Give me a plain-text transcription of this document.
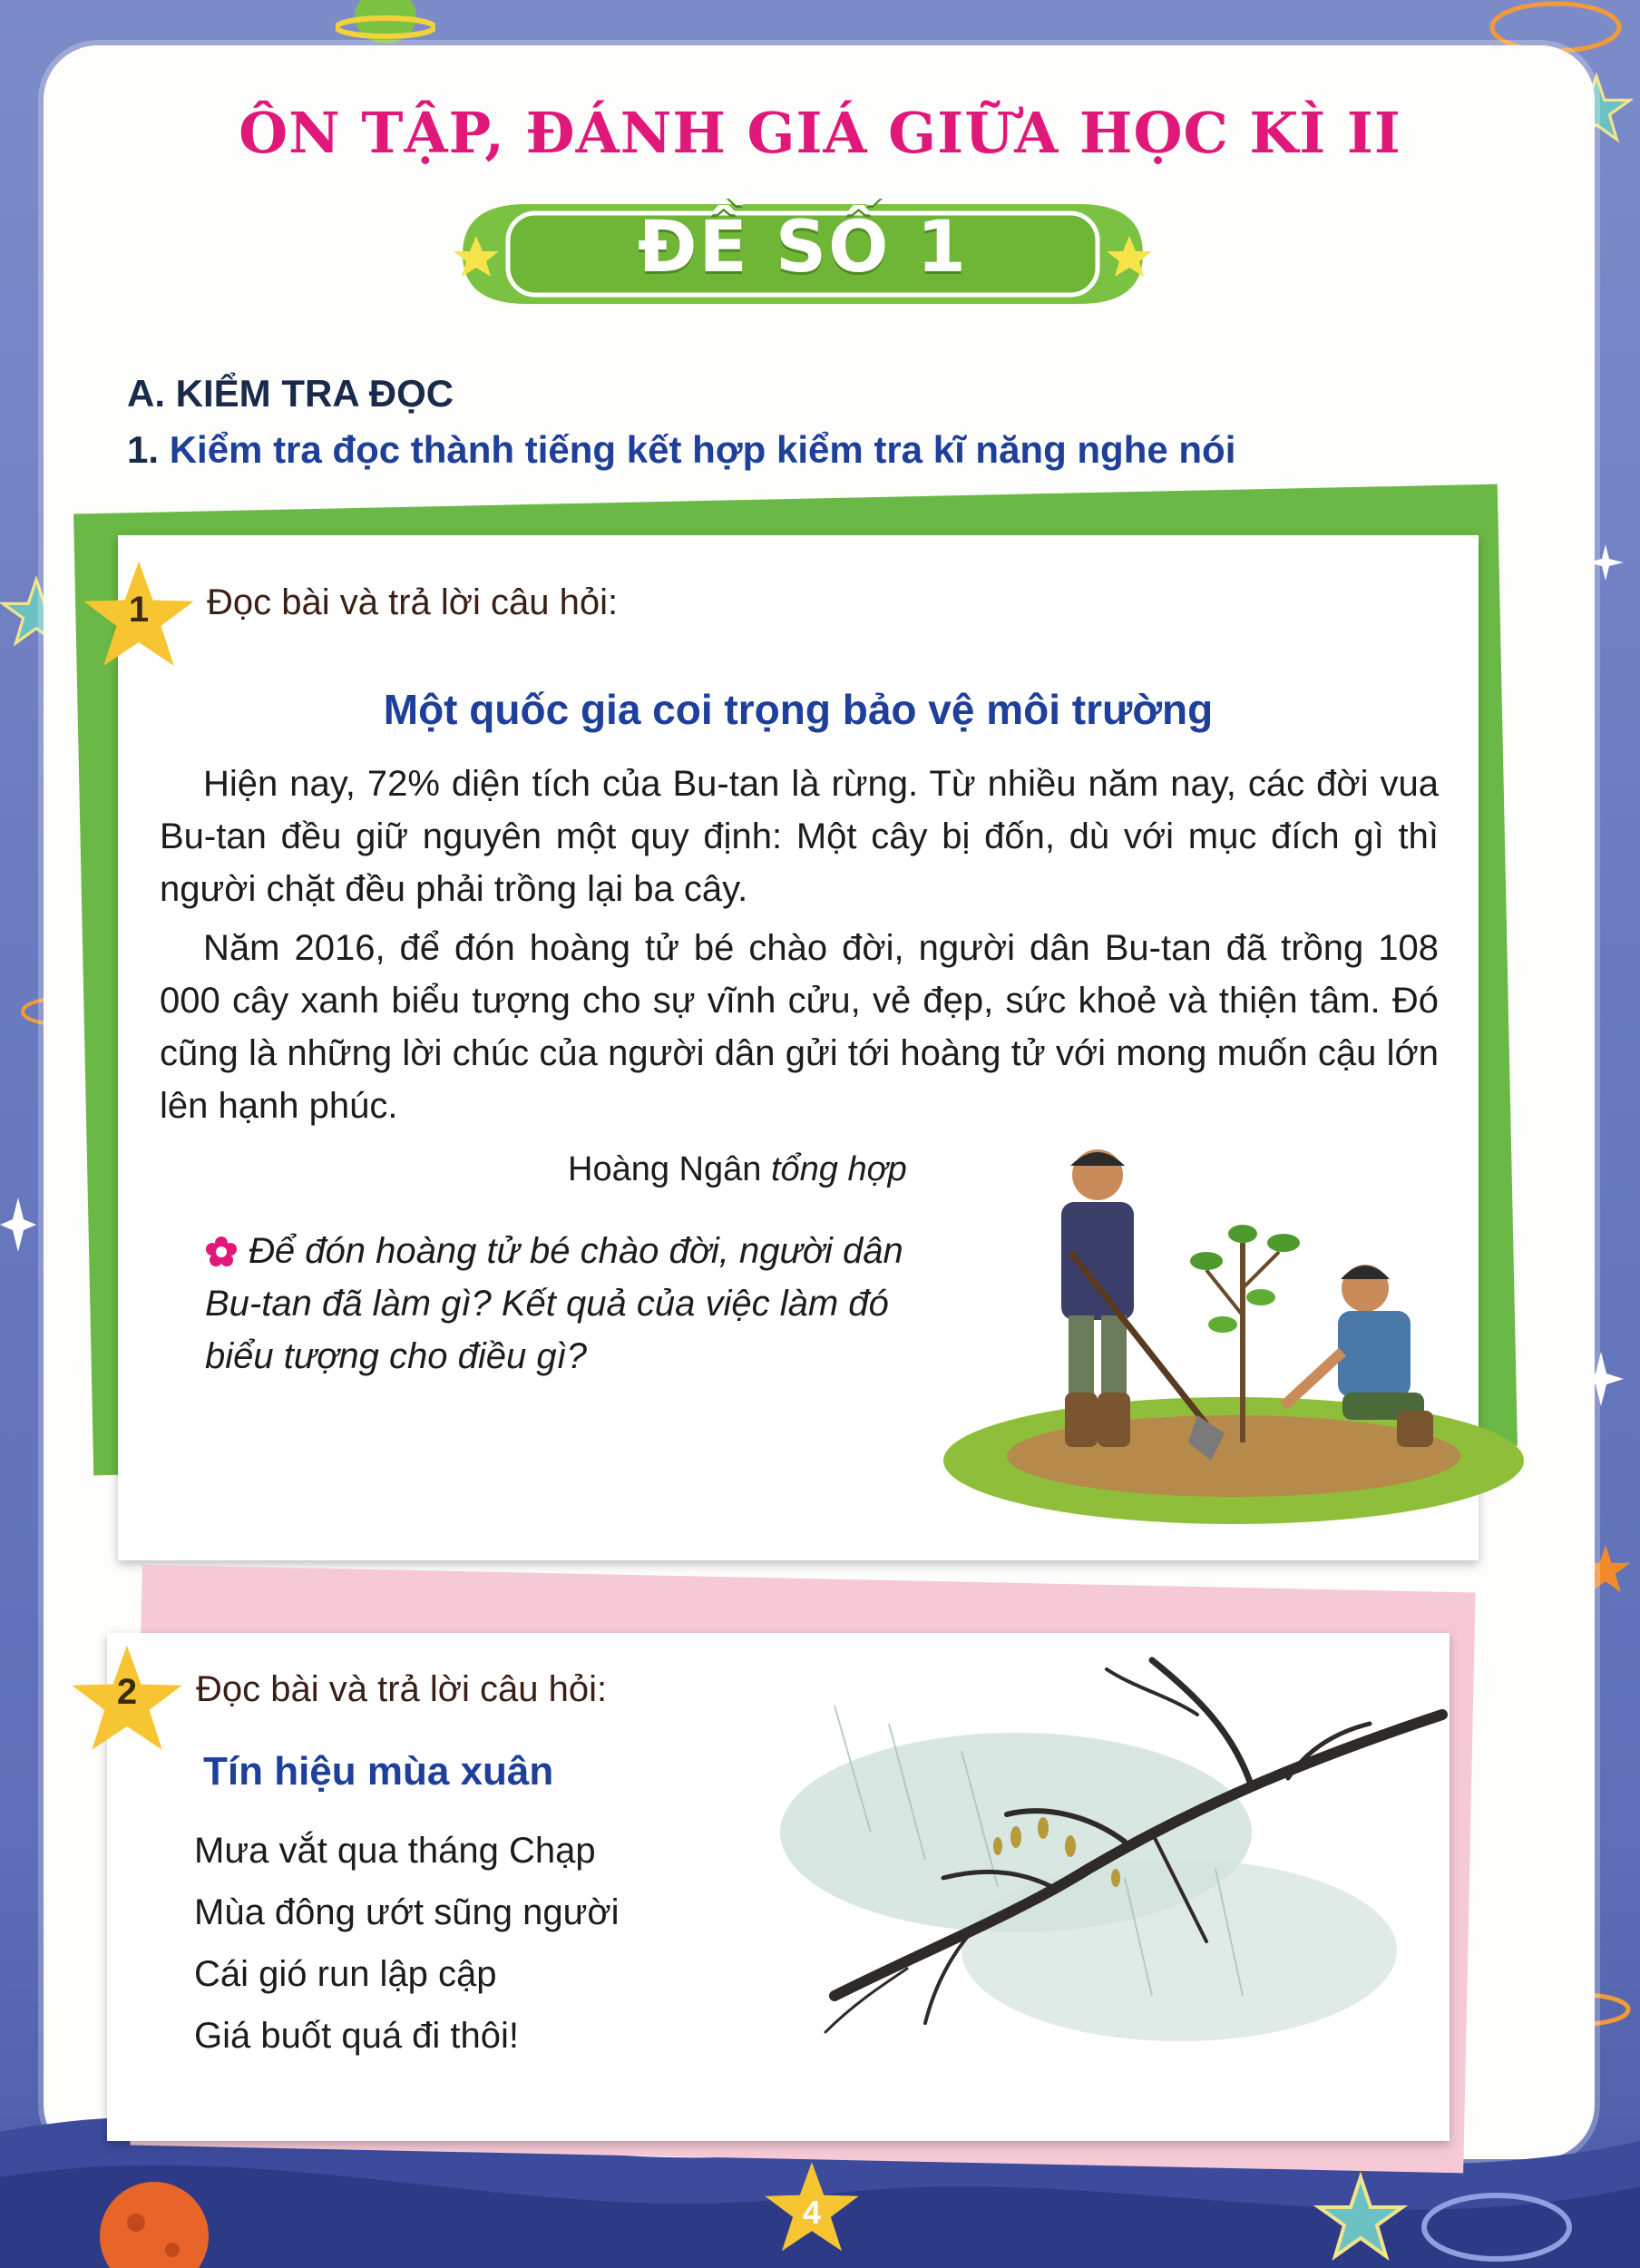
ÔN TẬP, ĐÁNH GIÁ GIỮA HỌC KÌ II
ĐỀ SỐ 1
A. KIỂM TRA ĐỌC
1. Kiểm tra đọc thành tiếng kết hợp kiểm tra kĩ năng nghe nói
1	Đọc bài và trả lời câu hỏi:
Một quốc gia coi trọng bảo vệ môi trường

Hiện nay, 72% diện tích của Bu-tan là rừng. Từ nhiều năm nay, các đời vua Bu-tan đều giữ nguyên một quy định: Một cây bị đốn, dù với mục đích gì thì người chặt đều phải trồng lại ba cây.

Năm 2016, để đón hoàng tử bé chào đời, người dân Bu-tan đã trồng 108 000 cây xanh biểu tượng cho sự vĩnh cửu, vẻ đẹp, sức khoẻ và thiện tâm. Đó cũng là những lời chúc của người dân gửi tới hoàng tử với mong muốn cậu lớn lên hạnh phúc.

Hoàng Ngân tổng hợp
Để đón hoàng tử bé chào đời, người dân Bu-tan đã làm gì? Kết quả của việc làm đó biểu tượng cho điều gì?
2	Đọc bài và trả lời câu hỏi:
Tín hiệu mùa xuân
Mưa vắt qua tháng Chạp
Mùa đông ướt sũng người
Cái gió run lập cập
Giá buốt quá đi thôi!
4
